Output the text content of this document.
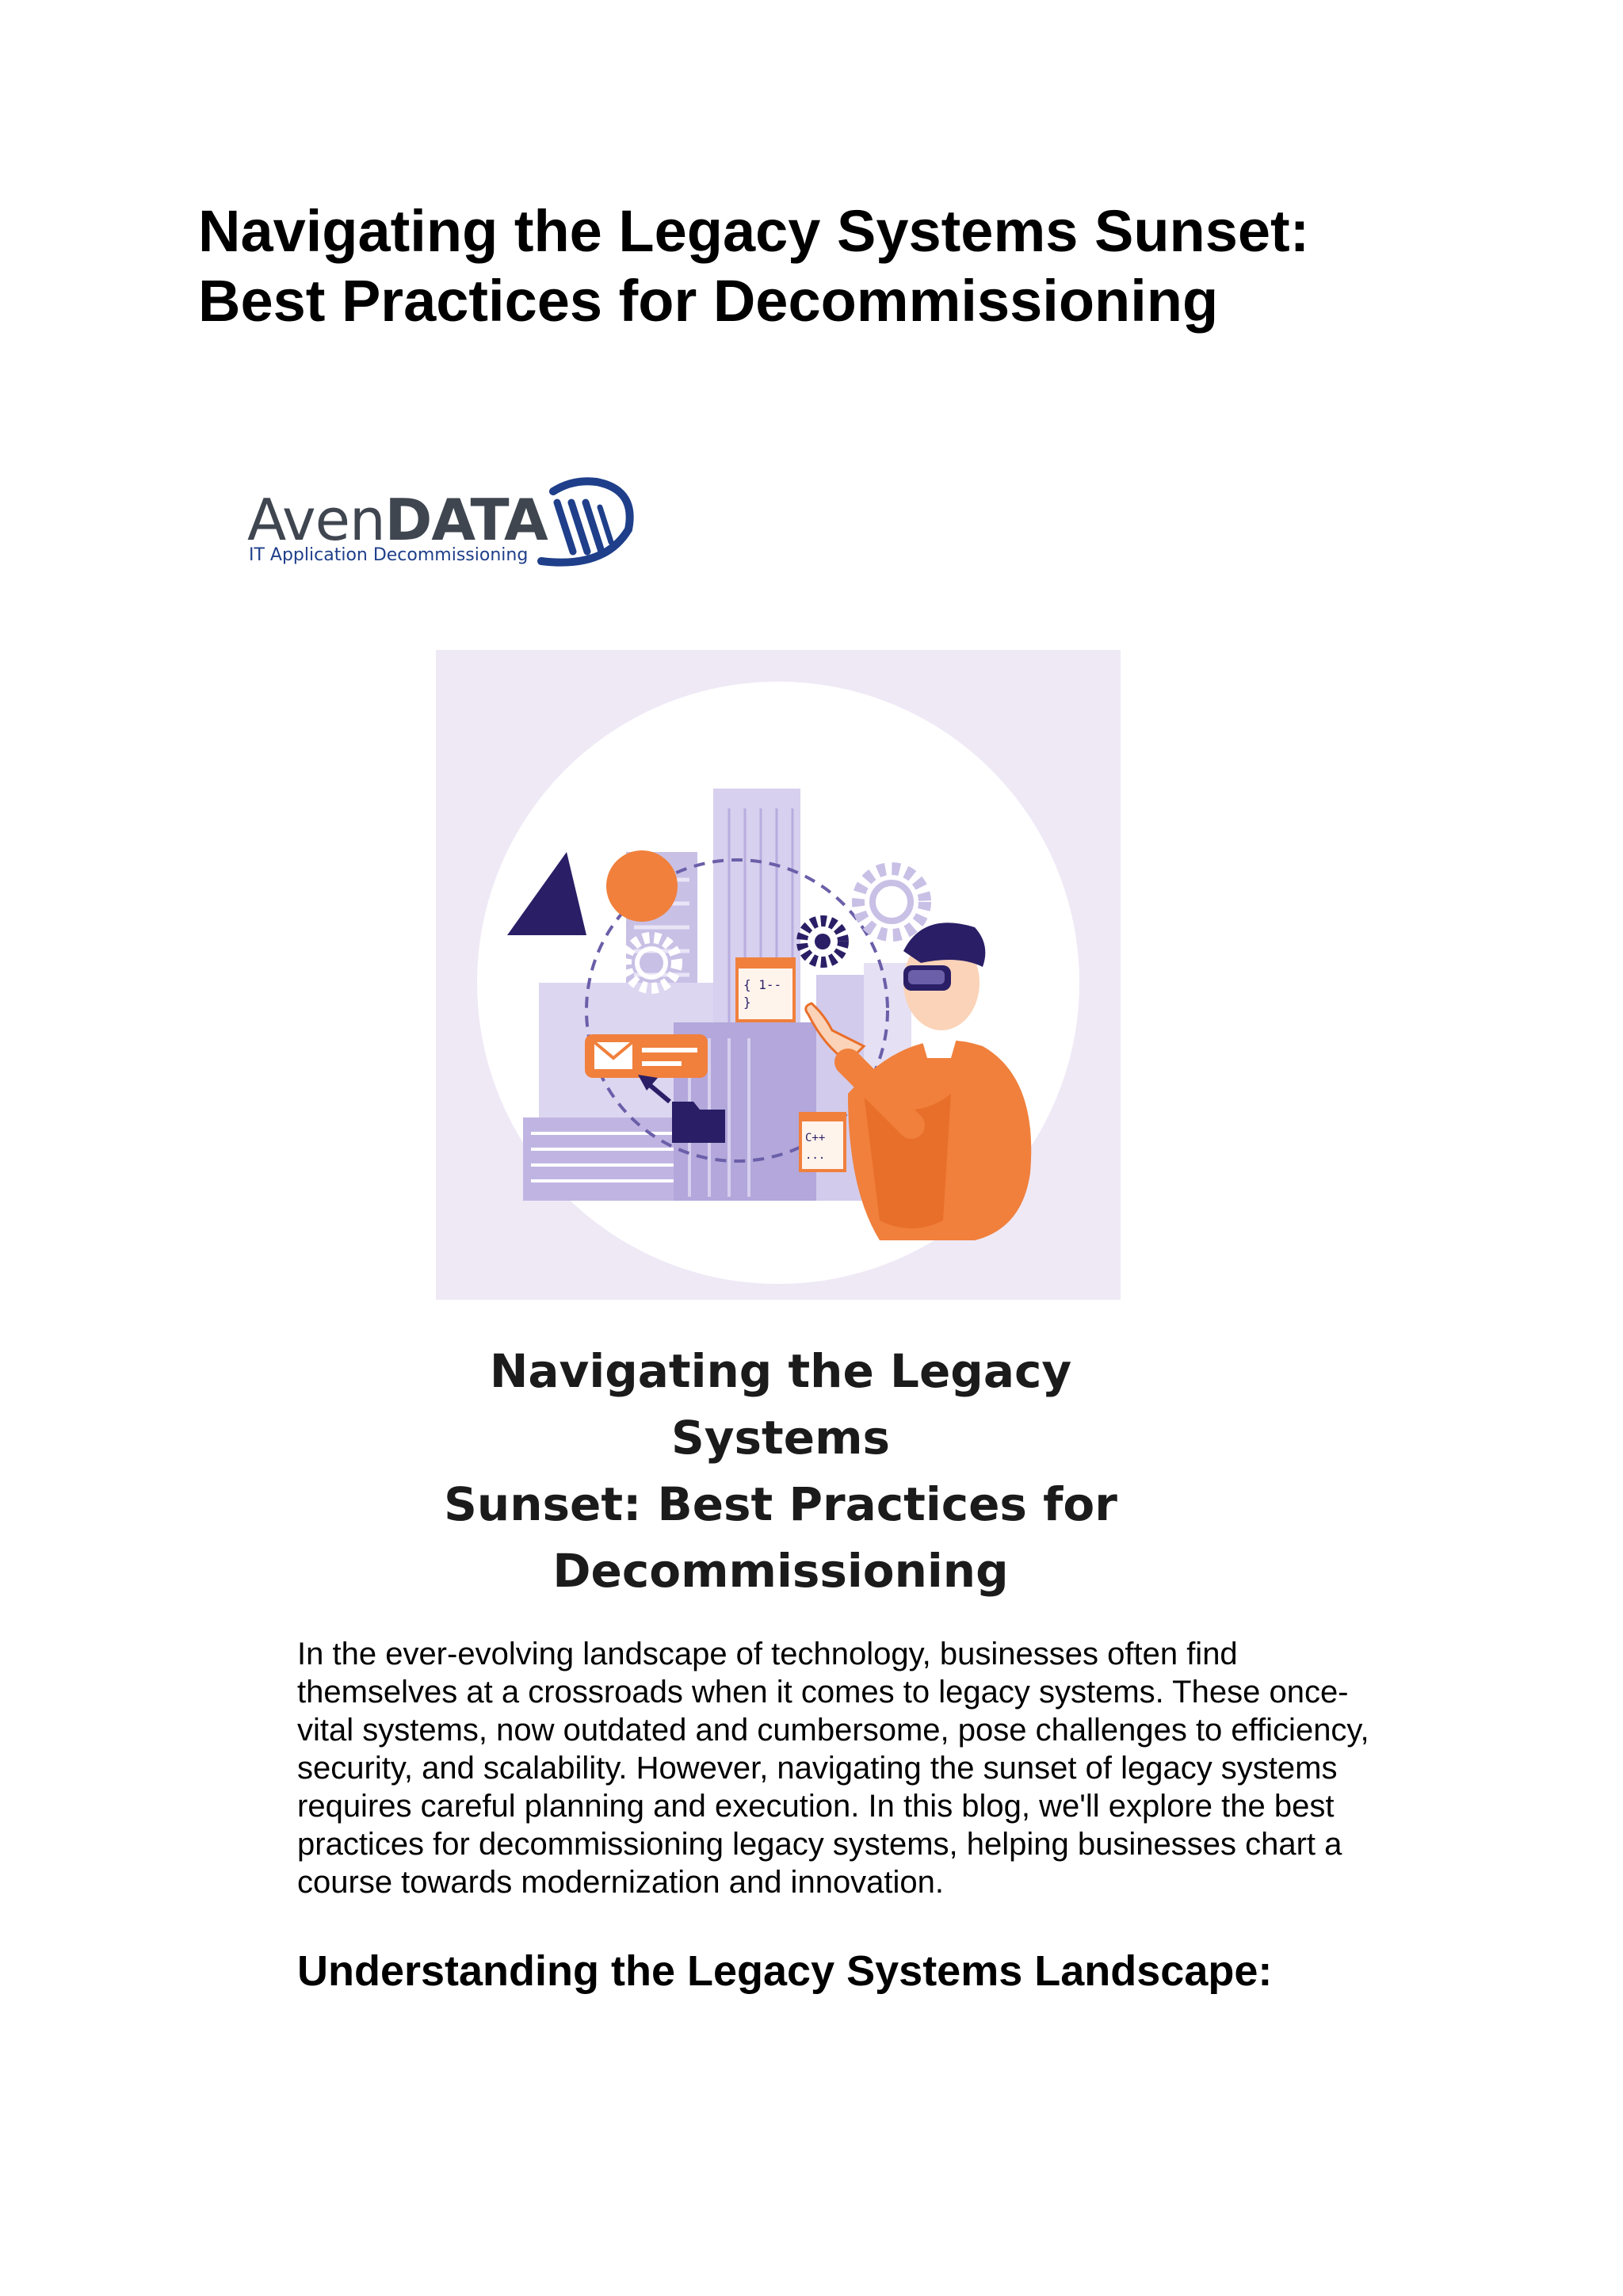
Navigating the Legacy Systems Sunset:
Best Practices for Decommissioning
AvenDATA
IT Application Decommissioning
{ 1--
}
C++
...
Navigating the Legacy Systems
Sunset: Best Practices for
Decommissioning

In the ever-evolving landscape of technology, businesses often find
themselves at a crossroads when it comes to legacy systems. These once-
vital systems, now outdated and cumbersome, pose challenges to efficiency,
security, and scalability. However, navigating the sunset of legacy systems
requires careful planning and execution. In this blog, we'll explore the best
practices for decommissioning legacy systems, helping businesses chart a
course towards modernization and innovation.

Understanding the Legacy Systems Landscape:
